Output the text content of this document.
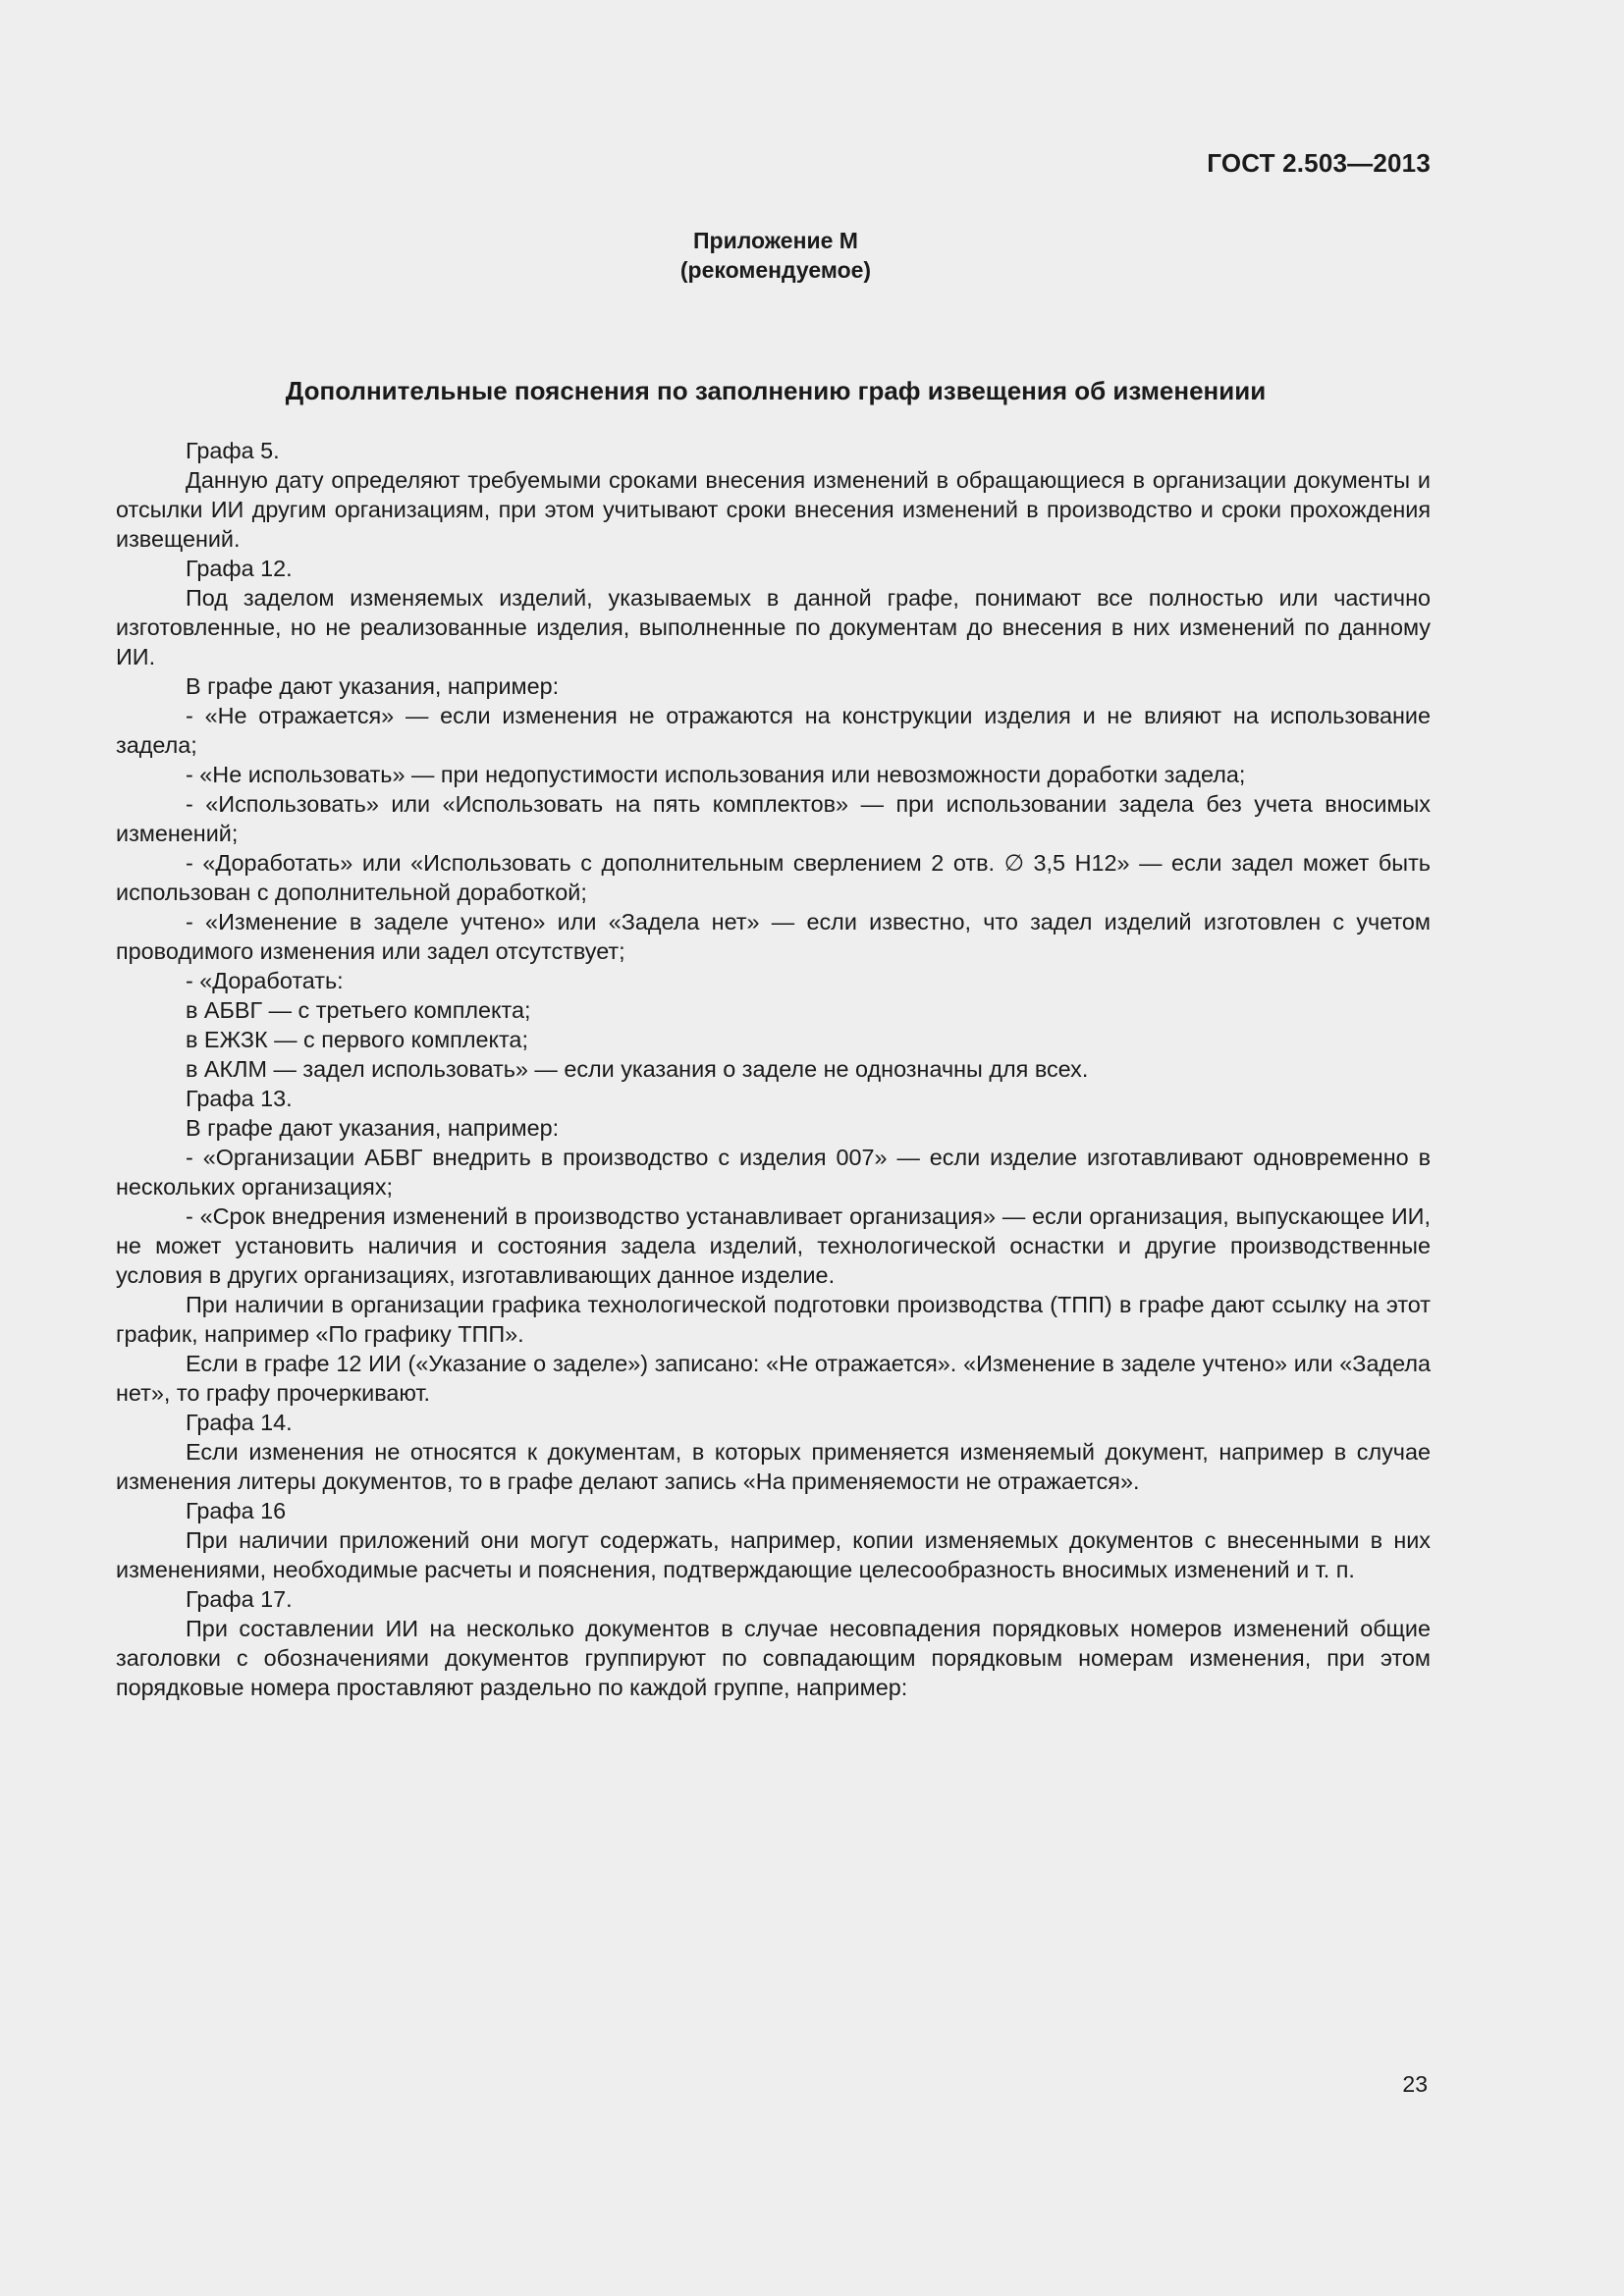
ГОСТ 2.503—2013
Приложение М
(рекомендуемое)
Дополнительные пояснения по заполнению граф извещения об изменениии

Графа 5.

Данную дату определяют требуемыми сроками внесения изменений в обращающиеся в организации документы и отсылки ИИ другим организациям, при этом учитывают сроки внесения изменений в производство и сроки прохождения извещений.

Графа 12.

Под заделом изменяемых изделий, указываемых в данной графе, понимают все полностью или частично изготовленные, но не реализованные изделия, выполненные по документам до внесения в них изменений по данному ИИ.

В графе дают указания, например:

- «Не отражается» — если изменения не отражаются на конструкции изделия и не влияют на использование задела;

- «Не использовать» — при недопустимости использования или невозможности доработки задела;

- «Использовать» или «Использовать на пять комплектов» — при использовании задела без учета вносимых изменений;

- «Доработать» или «Использовать с дополнительным сверлением 2 отв. ∅ 3,5 Н12» — если задел может быть использован с дополнительной доработкой;

- «Изменение в заделе учтено» или «Задела нет» — если известно, что задел изделий изготовлен с учетом проводимого изменения или задел отсутствует;

- «Доработать:

в АБВГ — с третьего комплекта;

в ЕЖЗК — с первого комплекта;

в АКЛМ — задел использовать» — если указания о заделе не однозначны для всех.

Графа 13.

В графе дают указания, например:

- «Организации АБВГ внедрить в производство с изделия 007» — если изделие изготавливают одновременно в нескольких организациях;

- «Срок внедрения изменений в производство устанавливает организация» — если организация, выпускающее ИИ, не может установить наличия и состояния задела изделий, технологической оснастки и другие производственные условия в других организациях, изготавливающих данное изделие.

При наличии в организации графика технологической подготовки производства (ТПП) в графе дают ссылку на этот график, например «По графику ТПП».

Если в графе 12 ИИ («Указание о заделе») записано: «Не отражается». «Изменение в заделе учтено» или «Задела нет», то графу прочеркивают.

Графа 14.

Если изменения не относятся к документам, в которых применяется изменяемый документ, например в случае изменения литеры документов, то в графе делают запись «На применяемости не отражается».

Графа 16

При наличии приложений они могут содержать, например, копии изменяемых документов с внесенными в них изменениями, необходимые расчеты и пояснения, подтверждающие целесообразность вносимых изменений и т. п.

Графа 17.

При составлении ИИ на несколько документов в случае несовпадения порядковых номеров изменений общие заголовки с обозначениями документов группируют по совпадающим порядковым номерам изменения, при этом порядковые номера проставляют раздельно по каждой группе, например:

23
